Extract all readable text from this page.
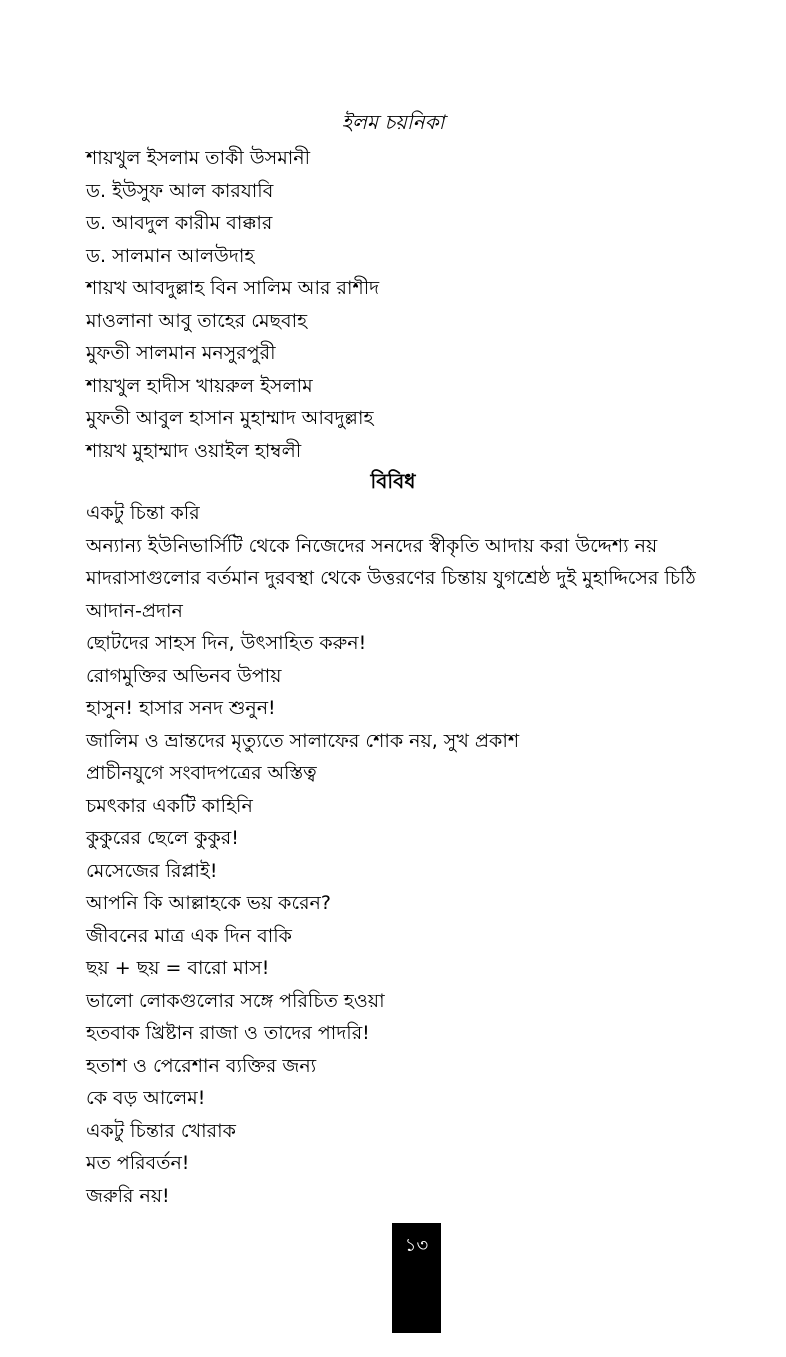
ইলম চয়নিকা
শায়খুল ইসলাম তাকী উসমানী
ড. ইউসুফ আল কারযাবি
ড. আবদুল কারীম বাক্কার
ড. সালমান আলউদাহ
শায়খ আবদুল্লাহ বিন সালিম আর রাশীদ
মাওলানা আবু তাহের মেছবাহ
মুফতী সালমান মনসুরপুরী
শায়খুল হাদীস খায়রুল ইসলাম
মুফতী আবুল হাসান মুহাম্মাদ আবদুল্লাহ
শায়খ মুহাম্মাদ ওয়াইল হাম্বলী
বিবিধ
একটু চিন্তা করি
অন্যান্য ইউনিভার্সিটি থেকে নিজেদের সনদের স্বীকৃতি আদায় করা উদ্দেশ্য নয়
মাদরাসাগুলোর বর্তমান দুরবস্থা থেকে উত্তরণের চিন্তায় যুগশ্রেষ্ঠ দুই মুহাদ্দিসের চিঠি
আদান-প্রদান
ছোটদের সাহস দিন, উৎসাহিত করুন!
রোগমুক্তির অভিনব উপায়
হাসুন! হাসার সনদ শুনুন!
জালিম ও ভ্রান্তদের মৃত্যুতে সালাফের শোক নয়, সুখ প্রকাশ
প্রাচীনযুগে সংবাদপত্রের অস্তিত্ব
চমৎকার একটি কাহিনি
কুকুরের ছেলে কুকুর!
মেসেজের রিপ্লাই!
আপনি কি আল্লাহকে ভয় করেন?
জীবনের মাত্র এক দিন বাকি
ছয় + ছয় = বারো মাস!
ভালো লোকগুলোর সঙ্গে পরিচিত হওয়া
হতবাক খ্রিষ্টান রাজা ও তাদের পাদরি!
হতাশ ও পেরেশান ব্যক্তির জন্য
কে বড় আলেম!
একটু চিন্তার খোরাক
মত পরিবর্তন!
জরুরি নয়!
১৩
